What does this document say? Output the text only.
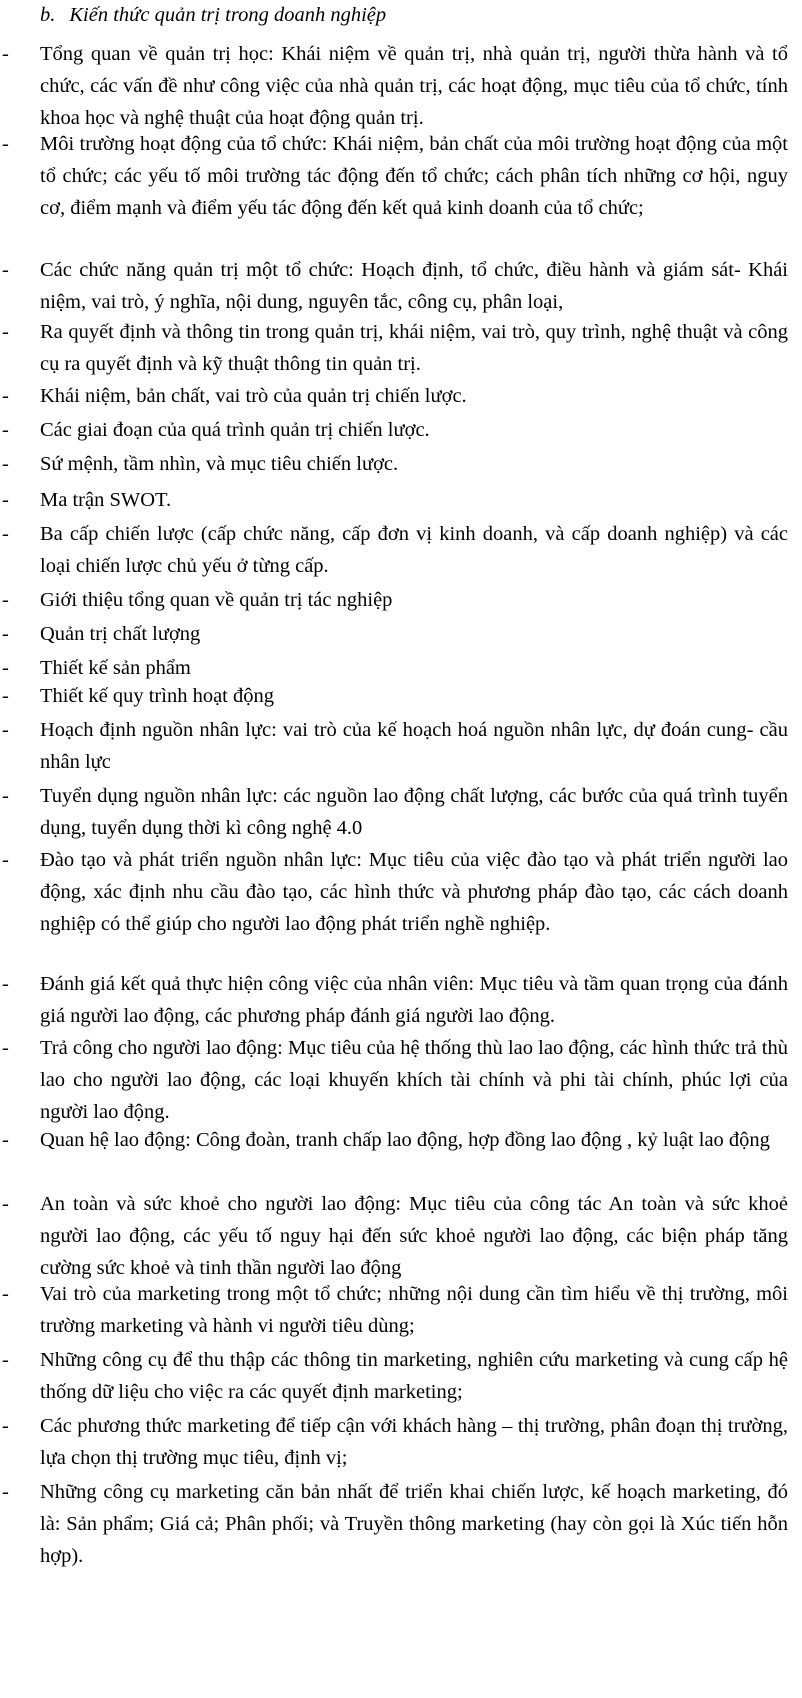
b. Kiến thức quản trị trong doanh nghiệp
- Tổng quan về quản trị học: Khái niệm về quản trị, nhà quản trị, người thừa hành và tổ chức, các vấn đề như công việc của nhà quản trị, các hoạt động, mục tiêu của tổ chức, tính khoa học và nghệ thuật của hoạt động quản trị.
- Môi trường hoạt động của tổ chức: Khái niệm, bản chất của môi trường hoạt động của một tổ chức; các yếu tố môi trường tác động đến tổ chức; cách phân tích những cơ hội, nguy cơ, điểm mạnh và điểm yếu tác động đến kết quả kinh doanh của tổ chức;
- Các chức năng quản trị một tổ chức: Hoạch định, tổ chức, điều hành và giám sát- Khái niệm, vai trò, ý nghĩa, nội dung, nguyên tắc, công cụ, phân loại,
- Ra quyết định và thông tin trong quản trị, khái niệm, vai trò, quy trình, nghệ thuật và công cụ ra quyết định và kỹ thuật thông tin quản trị.
- Khái niệm, bản chất, vai trò của quản trị chiến lược.
- Các giai đoạn của quá trình quản trị chiến lược.
- Sứ mệnh, tầm nhìn, và mục tiêu chiến lược.
- Ma trận SWOT.
- Ba cấp chiến lược (cấp chức năng, cấp đơn vị kinh doanh, và cấp doanh nghiệp) và các loại chiến lược chủ yếu ở từng cấp.
- Giới thiệu tổng quan về quản trị tác nghiệp
- Quản trị chất lượng
- Thiết kế sản phẩm
- Thiết kế quy trình hoạt động
- Hoạch định nguồn nhân lực: vai trò của kế hoạch hoá nguồn nhân lực, dự đoán cung- cầu nhân lực
- Tuyển dụng nguồn nhân lực: các nguồn lao động chất lượng, các bước của quá trình tuyển dụng, tuyển dụng thời kì công nghệ 4.0
- Đào tạo và phát triển nguồn nhân lực: Mục tiêu của việc đào tạo và phát triển người lao động, xác định nhu cầu đào tạo, các hình thức và phương pháp đào tạo, các cách doanh nghiệp có thể giúp cho người lao động phát triển nghề nghiệp.
- Đánh giá kết quả thực hiện công việc của nhân viên: Mục tiêu và tầm quan trọng của đánh giá người lao động, các phương pháp đánh giá người lao động.
- Trả công cho người lao động: Mục tiêu của hệ thống thù lao lao động, các hình thức trả thù lao cho người lao động, các loại khuyến khích tài chính và phi tài chính, phúc lợi của người lao động.
- Quan hệ lao động: Công đoàn, tranh chấp lao động, hợp đồng lao động , kỷ luật lao động
- An toàn và sức khoẻ cho người lao động: Mục tiêu của công tác An toàn và sức khoẻ người lao động, các yếu tố nguy hại đến sức khoẻ người lao động, các biện pháp tăng cường sức khoẻ và tinh thần người lao động
- Vai trò của marketing trong một tổ chức; những nội dung cần tìm hiểu về thị trường, môi trường marketing và hành vi người tiêu dùng;
- Những công cụ để thu thập các thông tin marketing, nghiên cứu marketing và cung cấp hệ thống dữ liệu cho việc ra các quyết định marketing;
- Các phương thức marketing để tiếp cận với khách hàng – thị trường, phân đoạn thị trường, lựa chọn thị trường mục tiêu, định vị;
- Những công cụ marketing căn bản nhất để triển khai chiến lược, kế hoạch marketing, đó là: Sản phẩm; Giá cả; Phân phối; và Truyền thông marketing (hay còn gọi là Xúc tiến hỗn hợp).
